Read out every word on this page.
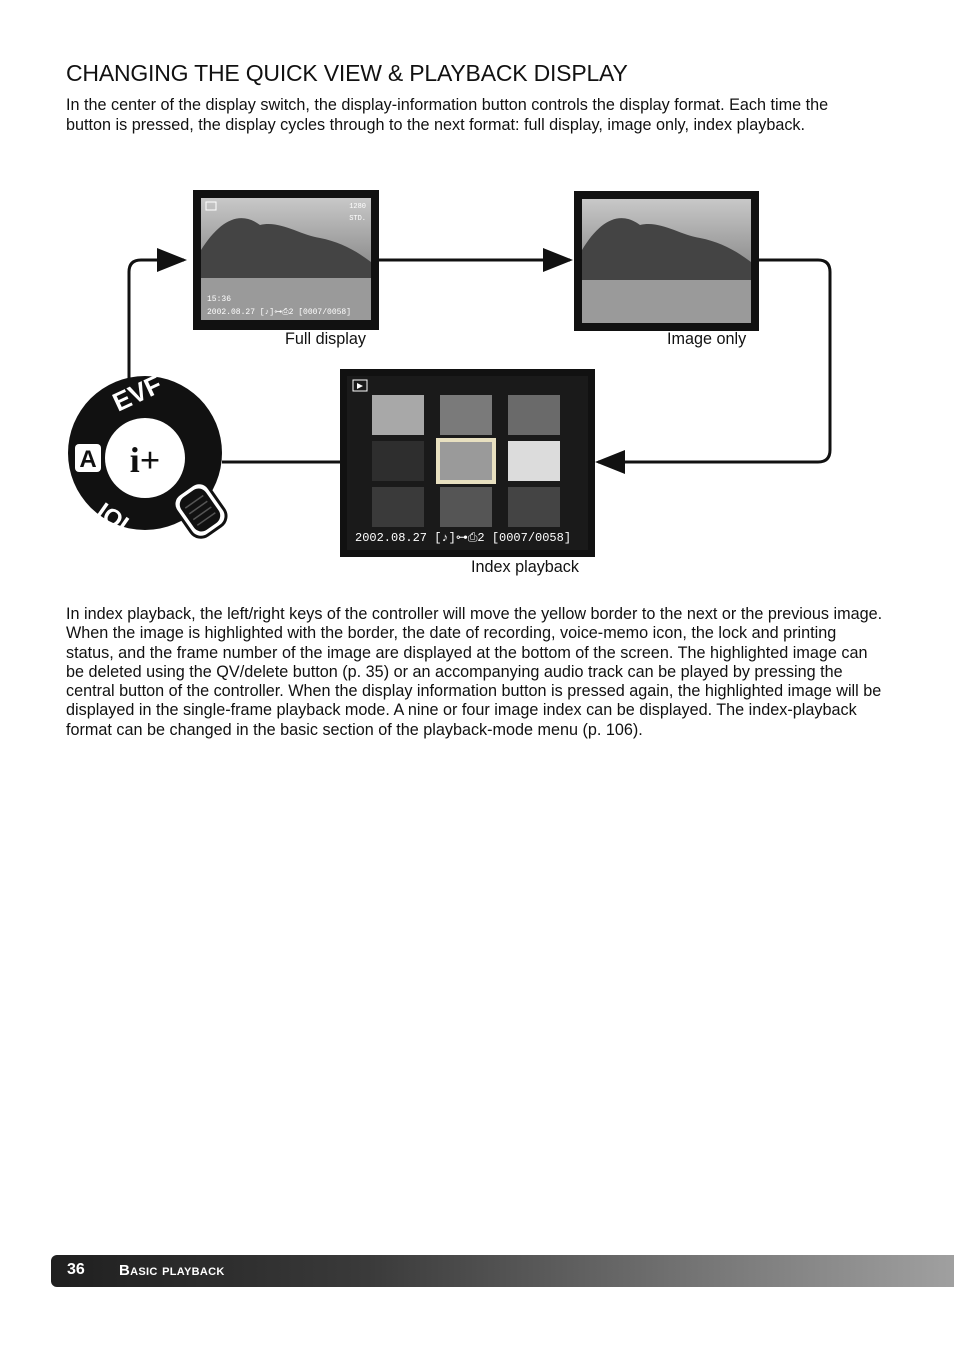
CHANGING THE QUICK VIEW & PLAYBACK DISPLAY

In the center of the display switch, the display-information button controls the display format. Each time the button is pressed, the display cycles through to the next format: full display, image only, index playback.

1280
STD.
15:36
2002.08.27 [♪]⊶⎙2 [0007/0058]
2002.08.27 [♪]⊶⎙2 [0007/0058]
A i+
EVF
IOI
Full display	Image only
Index playback

In index playback, the left/right keys of the controller will move the yellow border to the next or the previous image. When the image is highlighted with the border, the date of recording, voice-memo icon, the lock and printing status, and the frame number of the image are displayed at the bottom of the screen. The highlighted image can be deleted using the QV/delete button (p. 35) or an accompanying audio track can be played by pressing the central button of the controller. When the display information button is pressed again, the highlighted image will be displayed in the single-frame playback mode. A nine or four image index can be displayed. The index-playback format can be changed in the basic section of the playback-mode menu (p. 106).

36 Basic playback
